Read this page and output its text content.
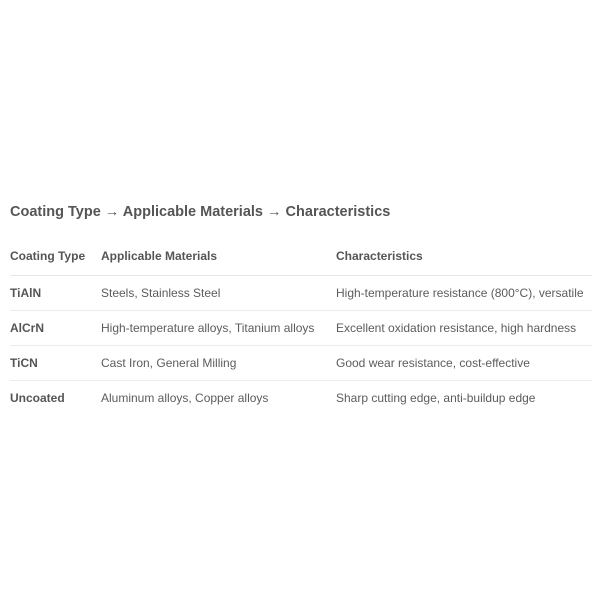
Coating Type → Applicable Materials → Characteristics
Coating Type	Applicable Materials	Characteristics
TiAlN	Steels, Stainless Steel	High-temperature resistance (800°C), versatile
AlCrN	High-temperature alloys, Titanium alloys	Excellent oxidation resistance, high hardness
TiCN	Cast Iron, General Milling	Good wear resistance, cost-effective
Uncoated	Aluminum alloys, Copper alloys	Sharp cutting edge, anti-buildup edge
